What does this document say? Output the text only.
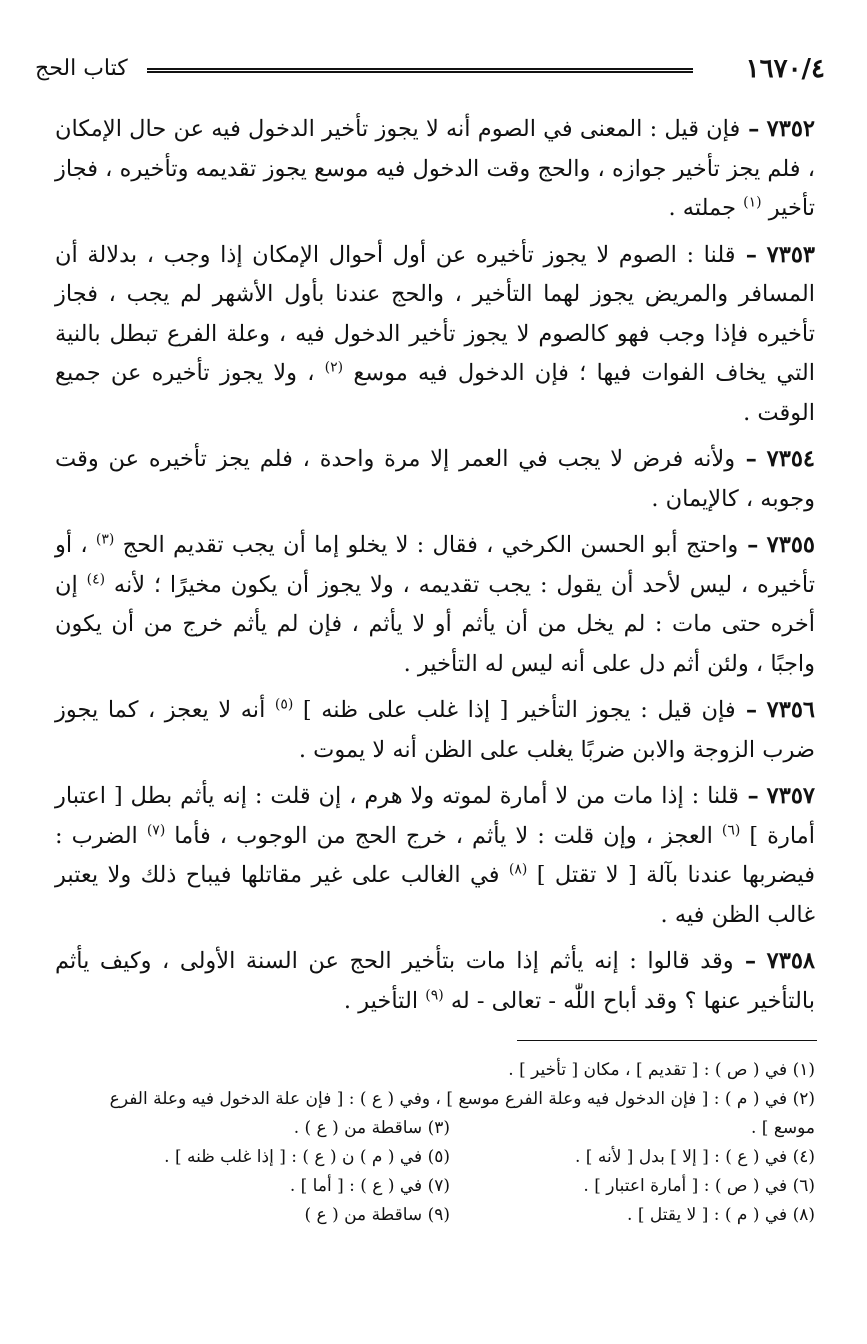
١٦٧٠/٤
كتاب الحج

٧٣٥٢ – فإن قيل : المعنى في الصوم أنه لا يجوز تأخير الدخول فيه عن حال الإمكان ، فلم يجز تأخير جوازه ، والحج وقت الدخول فيه موسع يجوز تقديمه وتأخيره ، فجاز تأخير $^{(١)}$ جملته .

٧٣٥٣ – قلنا : الصوم لا يجوز تأخيره عن أول أحوال الإمكان إذا وجب ، بدلالة أن المسافر والمريض يجوز لهما التأخير ، والحج عندنا بأول الأشهر لم يجب ، فجاز تأخيره فإذا وجب فهو كالصوم لا يجوز تأخير الدخول فيه ، وعلة الفرع تبطل بالنية التي يخاف الفوات فيها ؛ فإن الدخول فيه موسع $^{(٢)}$ ، ولا يجوز تأخيره عن جميع الوقت .

٧٣٥٤ – ولأنه فرض لا يجب في العمر إلا مرة واحدة ، فلم يجز تأخيره عن وقت وجوبه ، كالإيمان .

٧٣٥٥ – واحتج أبو الحسن الكرخي ، فقال : لا يخلو إما أن يجب تقديم الحج $^{(٣)}$ ، أو تأخيره ، ليس لأحد أن يقول : يجب تقديمه ، ولا يجوز أن يكون مخيرًا ؛ لأنه $^{(٤)}$ إن أخره حتى مات : لم يخل من أن يأثم أو لا يأثم ، فإن لم يأثم خرج من أن يكون واجبًا ، ولئن أثم دل على أنه ليس له التأخير .

٧٣٥٦ – فإن قيل : يجوز التأخير [ إذا غلب على ظنه ] $^{(٥)}$ أنه لا يعجز ، كما يجوز ضرب الزوجة والابن ضربًا يغلب على الظن أنه لا يموت .

٧٣٥٧ – قلنا : إذا مات من لا أمارة لموته ولا هرم ، إن قلت : إنه يأثم بطل [ اعتبار أمارة ] $^{(٦)}$ العجز ، وإن قلت : لا يأثم ، خرج الحج من الوجوب ، فأما $^{(٧)}$ الضرب : فيضربها عندنا بآلة [ لا تقتل ] $^{(٨)}$ في الغالب على غير مقاتلها فيباح ذلك ولا يعتبر غالب الظن فيه .

٧٣٥٨ – وقد قالوا : إنه يأثم إذا مات بتأخير الحج عن السنة الأولى ، وكيف يأثم بالتأخير عنها ؟ وقد أباح اللّٰه - تعالى - له $^{(٩)}$ التأخير .

(١) في ( ص ) : [ تقديم ] ، مكان [ تأخير ] .
(٢) في ( م ) : [ فإن الدخول فيه وعلة الفرع موسع ] ، وفي ( ع ) : [ فإن علة الدخول فيه وعلة الفرع
موسع ] .
(٣) ساقطة من ( ع ) .
(٤) في ( ع ) : [ إلا ] بدل [ لأنه ] .
(٥) في ( م ) ن ( ع ) : [ إذا غلب ظنه ] .
(٦) في ( ص ) : [ أمارة اعتبار ] .
(٧) في ( ع ) : [ أما ] .
(٨) في ( م ) : [ لا يقتل ] .
(٩) ساقطة من ( ع )
